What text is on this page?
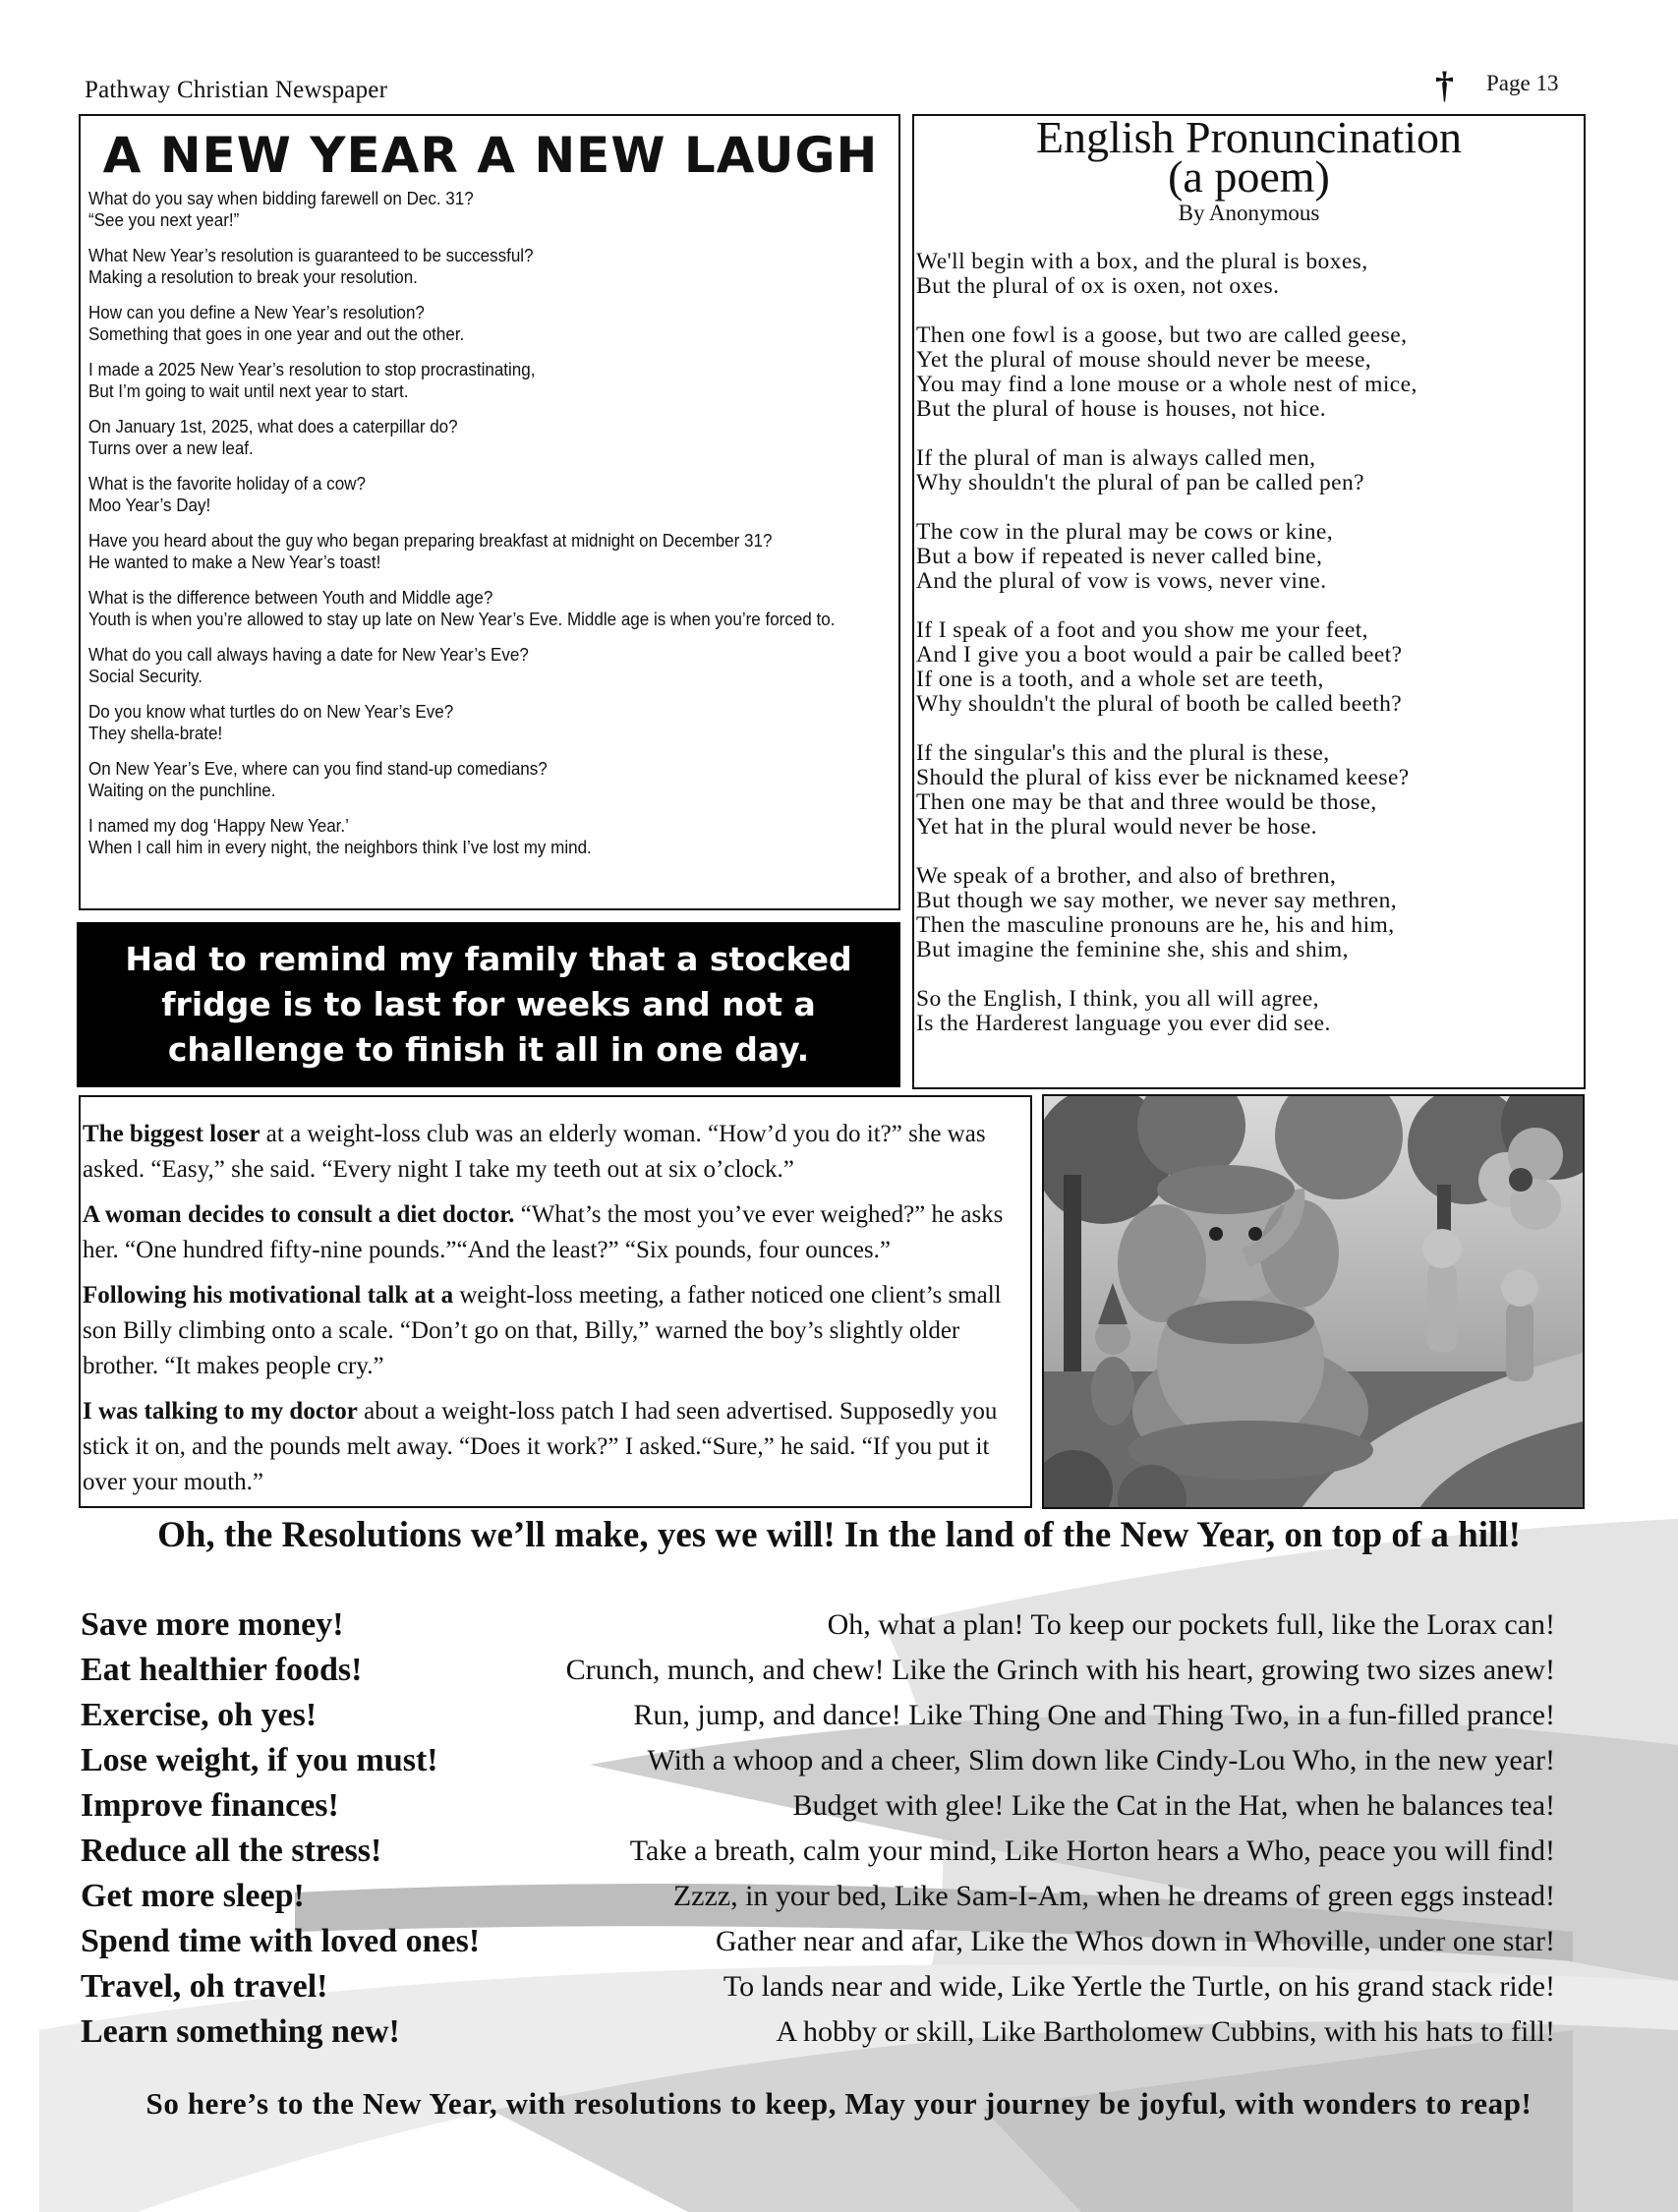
Pathway Christian Newspaper	† Page 13
A NEW YEAR A NEW LAUGH
What do you say when bidding farewell on Dec. 31?
“See you next year!”
What New Year’s resolution is guaranteed to be successful?
Making a resolution to break your resolution.
How can you define a New Year’s resolution?
Something that goes in one year and out the other.
I made a 2025 New Year’s resolution to stop procrastinating,
But I’m going to wait until next year to start.
On January 1st, 2025, what does a caterpillar do?
Turns over a new leaf.
What is the favorite holiday of a cow?
Moo Year’s Day!
Have you heard about the guy who began preparing breakfast at midnight on December 31?
He wanted to make a New Year’s toast!
What is the difference between Youth and Middle age?
Youth is when you’re allowed to stay up late on New Year’s Eve. Middle age is when you’re forced to.
What do you call always having a date for New Year’s Eve?
Social Security.
Do you know what turtles do on New Year’s Eve?
They shella-brate!
On New Year’s Eve, where can you find stand-up comedians?
Waiting on the punchline.
I named my dog ‘Happy New Year.’
When I call him in every night, the neighbors think I’ve lost my mind.
Had to remind my family that a stocked fridge is to last for weeks and not a challenge to finish it all in one day.
English Pronuncination
(a poem)
By Anonymous
We'll begin with a box, and the plural is boxes,
But the plural of ox is oxen, not oxes.
Then one fowl is a goose, but two are called geese,
Yet the plural of mouse should never be meese,
You may find a lone mouse or a whole nest of mice,
But the plural of house is houses, not hice.
If the plural of man is always called men,
Why shouldn't the plural of pan be called pen?
The cow in the plural may be cows or kine,
But a bow if repeated is never called bine,
And the plural of vow is vows, never vine.
If I speak of a foot and you show me your feet,
And I give you a boot would a pair be called beet?
If one is a tooth, and a whole set are teeth,
Why shouldn't the plural of booth be called beeth?
If the singular's this and the plural is these,
Should the plural of kiss ever be nicknamed keese?
Then one may be that and three would be those,
Yet hat in the plural would never be hose.
We speak of a brother, and also of brethren,
But though we say mother, we never say methren,
Then the masculine pronouns are he, his and him,
But imagine the feminine she, shis and shim,
So the English, I think, you all will agree,
Is the Harderest language you ever did see.
The biggest loser at a weight-loss club was an elderly woman. “How’d you do it?” she was asked. “Easy,” she said. “Every night I take my teeth out at six o’clock.”
A woman decides to consult a diet doctor. “What’s the most you’ve ever weighed?” he asks her. “One hundred fifty-nine pounds.”“And the least?” “Six pounds, four ounces.”
Following his motivational talk at a weight-loss meeting, a father noticed one client’s small son Billy climbing onto a scale. “Don’t go on that, Billy,” warned the boy’s slightly older brother. “It makes people cry.”
I was talking to my doctor about a weight-loss patch I had seen advertised. Supposedly you stick it on, and the pounds melt away. “Does it work?” I asked.“Sure,” he said. “If you put it over your mouth.”
Oh, the Resolutions we’ll make, yes we will! In the land of the New Year, on top of a hill!
Save more money!	Oh, what a plan! To keep our pockets full, like the Lorax can!
Eat healthier foods!	Crunch, munch, and chew! Like the Grinch with his heart, growing two sizes anew!
Exercise, oh yes!	Run, jump, and dance! Like Thing One and Thing Two, in a fun-filled prance!
Lose weight, if you must!	With a whoop and a cheer, Slim down like Cindy-Lou Who, in the new year!
Improve finances!	Budget with glee! Like the Cat in the Hat, when he balances tea!
Reduce all the stress!	Take a breath, calm your mind, Like Horton hears a Who, peace you will find!
Get more sleep!	Zzzz, in your bed, Like Sam-I-Am, when he dreams of green eggs instead!
Spend time with loved ones!	Gather near and afar, Like the Whos down in Whoville, under one star!
Travel, oh travel!	To lands near and wide, Like Yertle the Turtle, on his grand stack ride!
Learn something new!	A hobby or skill, Like Bartholomew Cubbins, with his hats to fill!
So here’s to the New Year, with resolutions to keep, May your journey be joyful, with wonders to reap!
